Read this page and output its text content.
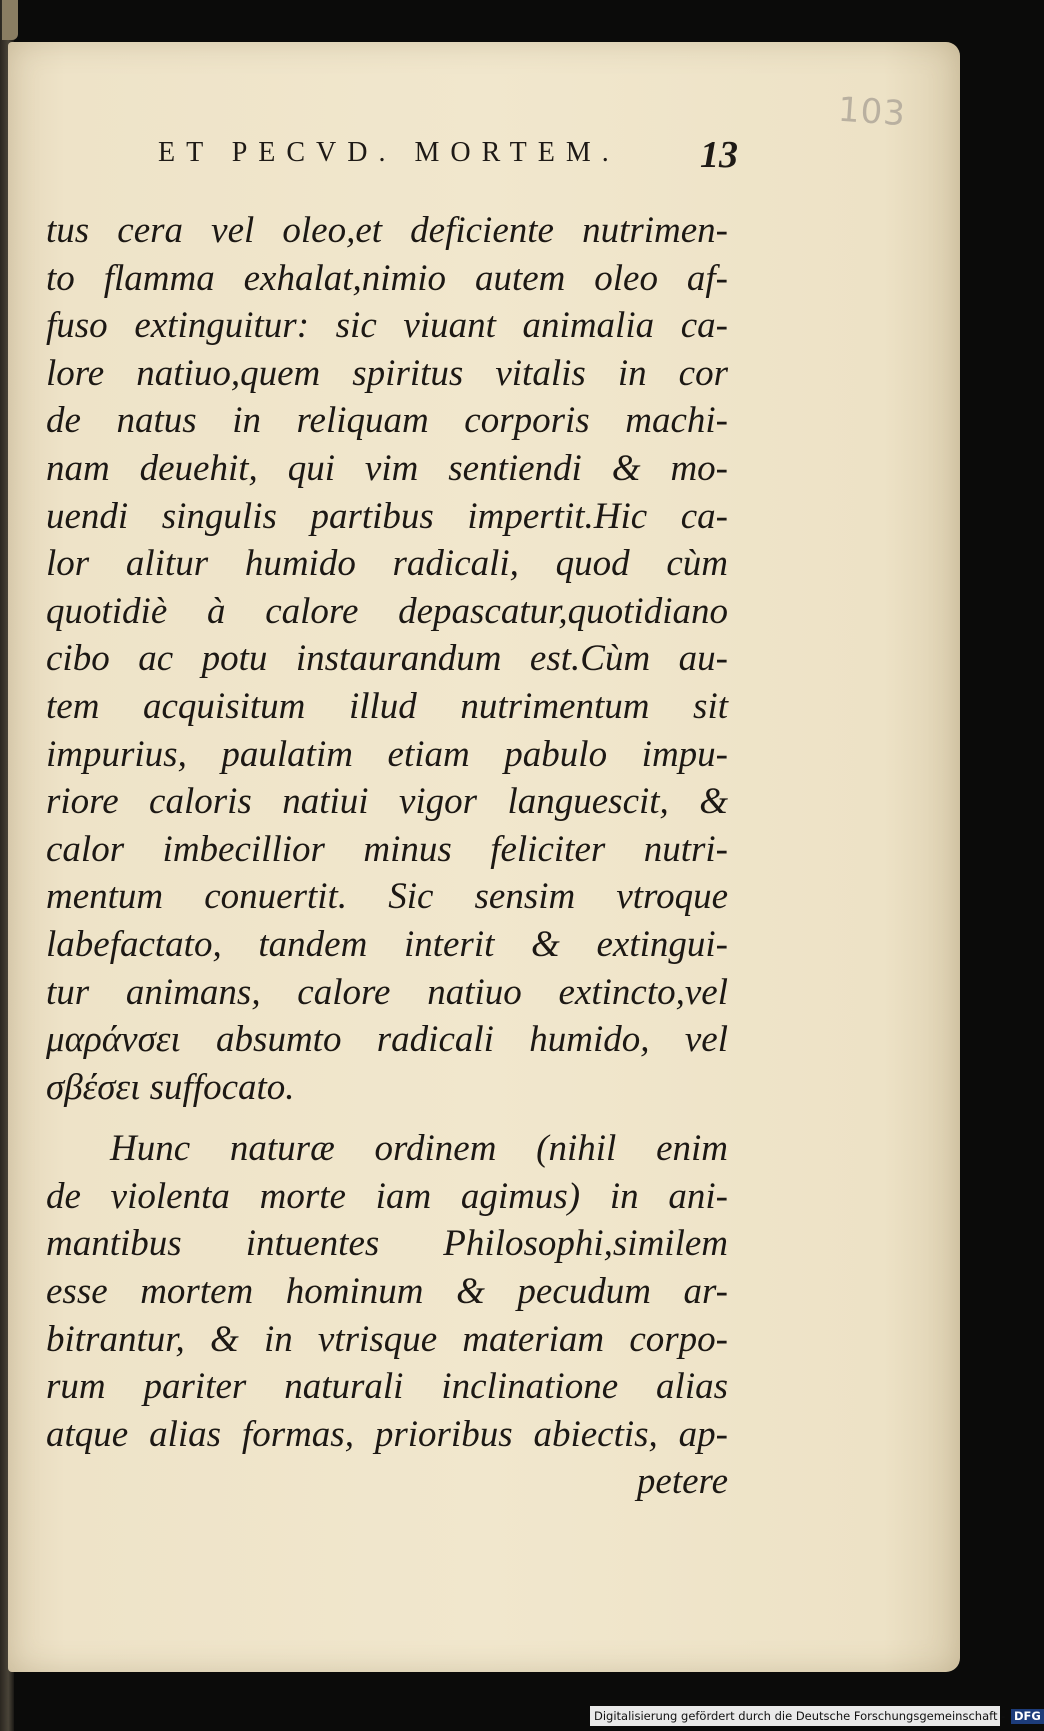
103
ET PECVD. MORTEM. 13
tus cera vel oleo,et deficiente nutrimen-
to flamma exhalat,nimio autem oleo af-
fuso extinguitur: sic viuant animalia ca-
lore natiuo,quem spiritus vitalis in cor
de natus in reliquam corporis machi-
nam deuehit, qui vim sentiendi & mo-
uendi singulis partibus impertit.Hic ca-
lor alitur humido radicali, quod cùm
quotidiè à calore depascatur,quotidiano
cibo ac potu instaurandum est.Cùm au-
tem acquisitum illud nutrimentum sit
impurius, paulatim etiam pabulo impu-
riore caloris natiui vigor languescit, &
calor imbecillior minus feliciter nutri-
mentum conuertit. Sic sensim vtroque
labefactato, tandem interit & extingui-
tur animans, calore natiuo extincto,vel
μαράνσει absumto radicali humido, vel
σβέσει suffocato.
Hunc naturæ ordinem (nihil enim
de violenta morte iam agimus) in ani-
mantibus intuentes Philosophi,similem
esse mortem hominum & pecudum ar-
bitrantur, & in vtrisque materiam corpo-
rum pariter naturali inclinatione alias
atque alias formas, prioribus abiectis, ap-
petere
Digitalisierung gefördert durch die Deutsche Forschungsgemeinschaft - DFG
